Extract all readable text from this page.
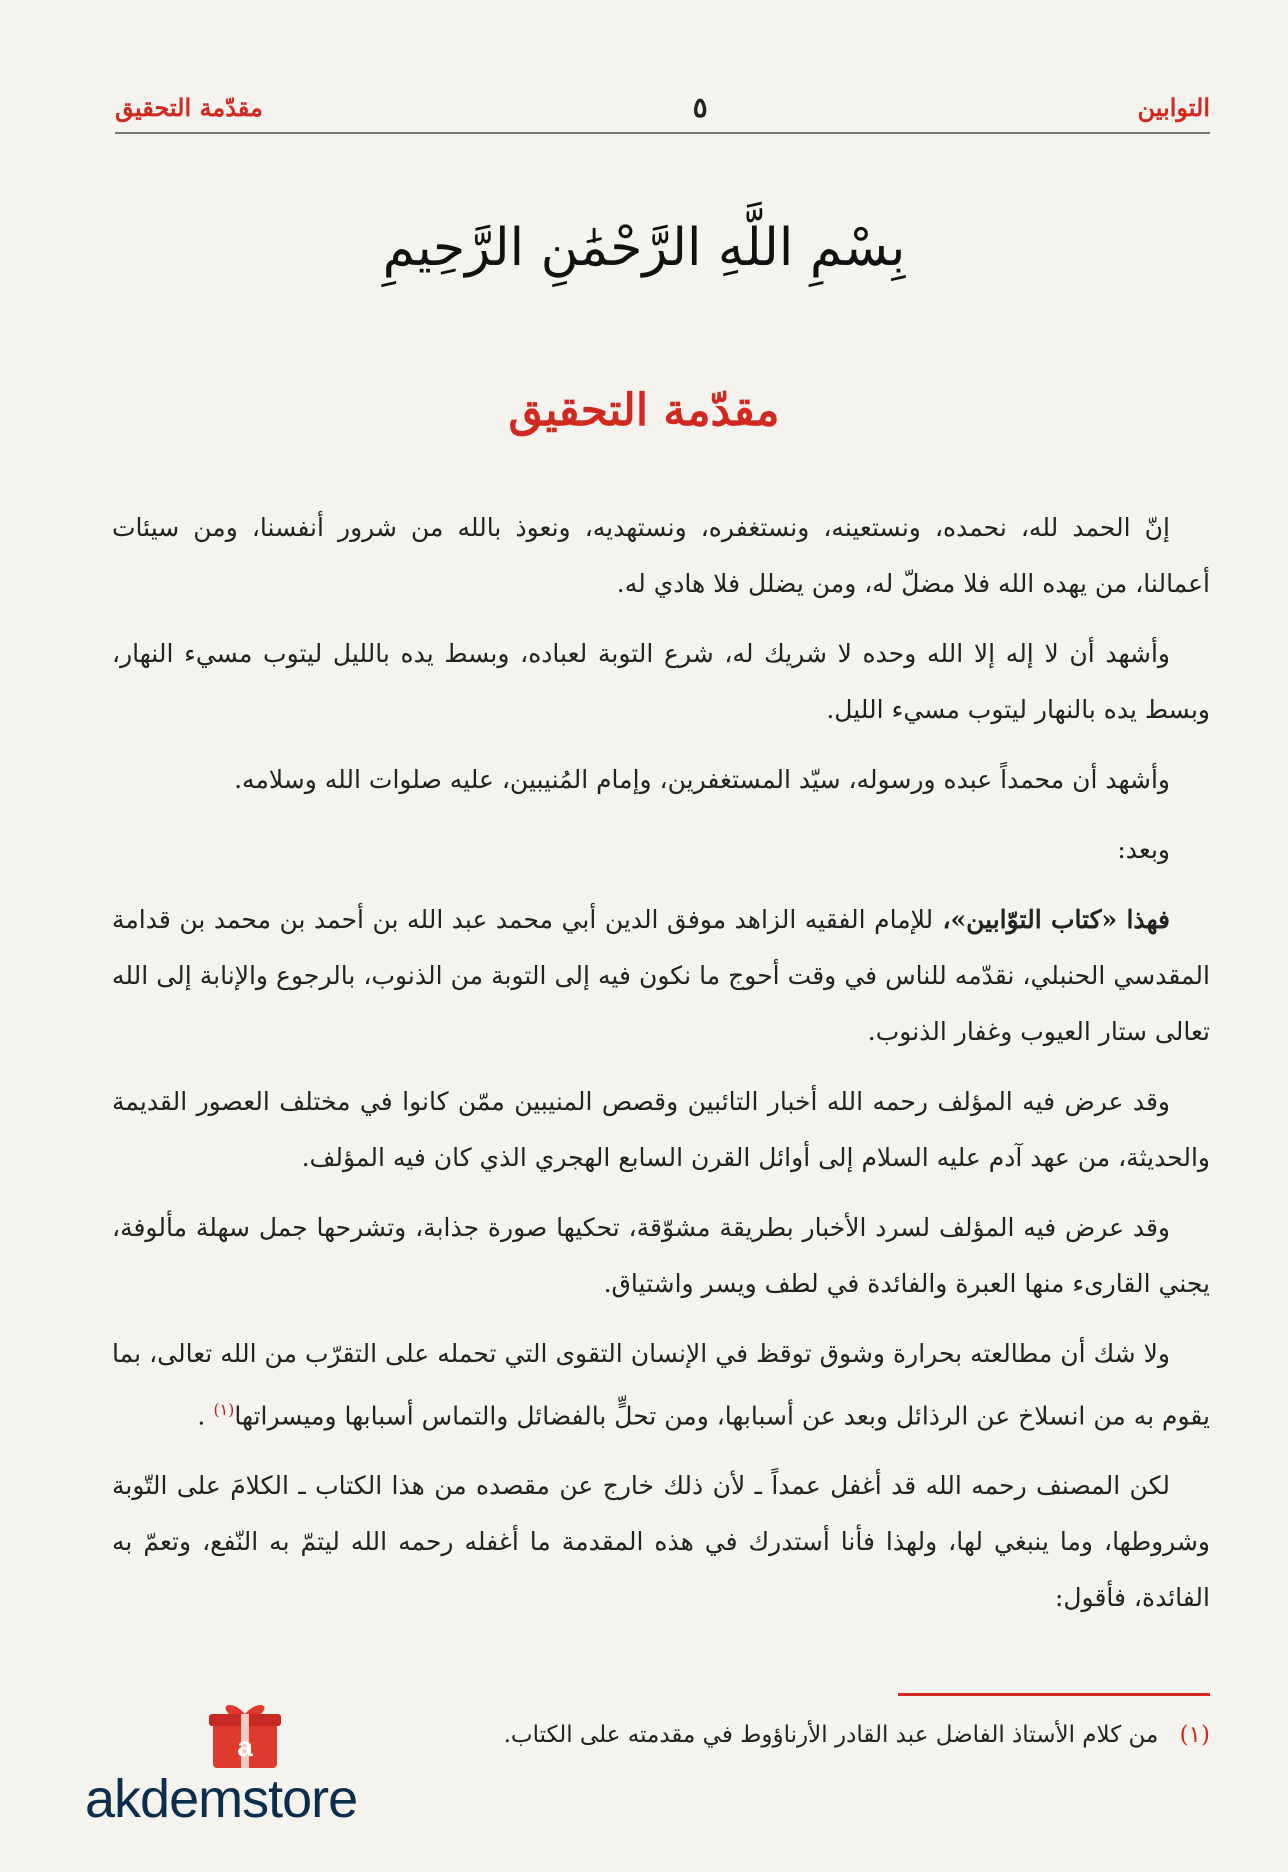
التوابين
٥
مقدّمة التحقيق
بِسْمِ اللَّهِ الرَّحْمَٰنِ الرَّحِيمِ
مقدّمة التحقيق

إنّ الحمد لله، نحمده، ونستعينه، ونستغفره، ونستهديه، ونعوذ بالله من شرور أنفسنا، ومن سيئات أعمالنا، من يهده الله فلا مضلّ له، ومن يضلل فلا هادي له.

وأشهد أن لا إله إلا الله وحده لا شريك له، شرع التوبة لعباده، وبسط يده بالليل ليتوب مسيء النهار، وبسط يده بالنهار ليتوب مسيء الليل.

وأشهد أن محمداً عبده ورسوله، سيّد المستغفرين، وإمام المُنيبين، عليه صلوات الله وسلامه.

وبعد:

فهذا «كتاب التوّابين»، للإمام الفقيه الزاهد موفق الدين أبي محمد عبد الله بن أحمد بن محمد بن قدامة المقدسي الحنبلي، نقدّمه للناس في وقت أحوج ما نكون فيه إلى التوبة من الذنوب، بالرجوع والإنابة إلى الله تعالى ستار العيوب وغفار الذنوب.

وقد عرض فيه المؤلف رحمه الله أخبار التائبين وقصص المنيبين ممّن كانوا في مختلف العصور القديمة والحديثة، من عهد آدم عليه السلام إلى أوائل القرن السابع الهجري الذي كان فيه المؤلف.

وقد عرض فيه المؤلف لسرد الأخبار بطريقة مشوّقة، تحكيها صورة جذابة، وتشرحها جمل سهلة مألوفة، يجني القارىء منها العبرة والفائدة في لطف ويسر واشتياق.

ولا شك أن مطالعته بحرارة وشوق توقظ في الإنسان التقوى التي تحمله على التقرّب من الله تعالى، بما يقوم به من انسلاخ عن الرذائل وبعد عن أسبابها، ومن تحلٍّ بالفضائل والتماس أسبابها وميسراتها$^{(١)}$ .

لكن المصنف رحمه الله قد أغفل عمداً ـ لأن ذلك خارج عن مقصده من هذا الكتاب ـ الكلامَ على التّوبة وشروطها، وما ينبغي لها، ولهذا فأنا أستدرك في هذه المقدمة ما أغفله رحمه الله ليتمّ به النّفع، وتعمّ به الفائدة، فأقول:

(١) من كلام الأستاذ الفاضل عبد القادر الأرناؤوط في مقدمته على الكتاب.
a
akdemstore
